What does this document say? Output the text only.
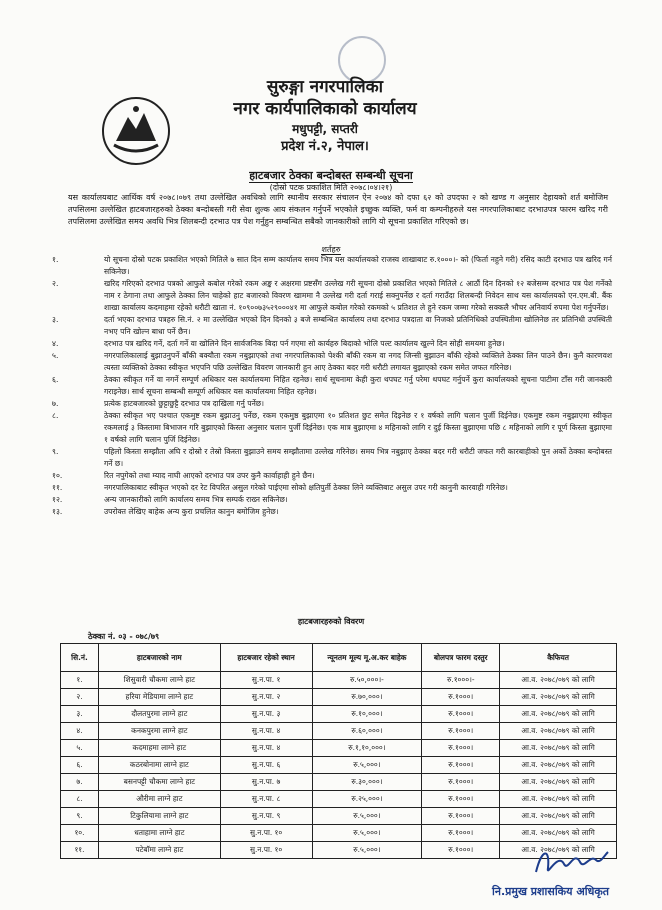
सुरुङ्गा नगरपालिका
नगर कार्यपालिकाको कार्यालय
मधुपट्टी, सप्तरी
प्रदेश नं.२, नेपाल।
हाटबजार ठेक्का बन्दोबस्त सम्बन्धी सूचना
(दोस्रो पटक प्रकाशित मिति २०७८।०४।२१)
यस कार्यालयबाट आर्थिक वर्ष २०७८।०७९ तथा उल्लेखित अवधिको लागि स्थानीय सरकार संचालन ऐन २०७४ को दफा ६२ को उपदफा २ को खण्ड ग अनुसार देहायको शर्त बमोजिम तपसिलमा उल्लेखित हाटबजारहरुको ठेक्का बन्दोबस्ती गरी सेवा शुल्क आय संकलन गर्नुपर्ने भएकोले इच्छुक व्यक्ति, फर्म वा कम्पनीहरुले यस नगरपालिकाबाट दरभाउपत्र फारम खरिद गरी तपसिलमा उल्लेखित समय अवधि भित्र शिलबन्दी दरभाउ पत्र पेश गर्नुहुन सम्बन्धित सबैको जानकारीको लागि यो सूचना प्रकाशित गरिएको छ।
शर्तहरु
१.	यो सूचना दोस्रो पटक प्रकाशित भएको मितिले ७ सात दिन सम्म कार्यालय समय भित्र यस कार्यालयको राजस्व शाखाबाट रु.१०००।- को (फिर्ता नहुने गरी) रसिद काटी दरभाउ पत्र खरिद गर्न सकिनेछ।
२.	खरिद गरिएको दरभाउ पत्रको आफुले कबोल गरेको रकम अङ्क र अक्षरमा प्रष्टसँग उल्लेख गरी सूचना दोस्रो प्रकाशित भएको मितिले ८ आठौं दिन दिनको १२ बजेसम्म दरभाउ पत्र पेश गर्नेको नाम र ठेगाना तथा आफुले ठेक्का लिन चाहेको हाट बजारको विवरण खाममा नै उल्लेख गरी दर्ता गराई सक्नुपर्नेछ र दर्ता गराउँदा शिलबन्दी निवेदन साथ यस कार्यालयको एन.एम.बी. बैंक शाखा कार्यालय कदमाहमा रहेको धरौटी खाता नं. १०९००७३५२९०००४१ मा आफुले कबोल गरेको रकमको ५ प्रतिशत ले हुने रकम जम्मा गरेको सक्कलै भौचर अनिवार्य रुपमा पेश गर्नुपर्नेछ।
३.	दर्ता भएका दरभाउ पत्रहरु सि.नं. २ मा उल्लेखित भएको दिन दिनको ३ बजे सम्बन्धित कार्यालय तथा दरभाउ पत्रदाता वा निजको प्रतिनिधिको उपस्थितीमा खोलिनेछ तर प्रतिनिधी उपस्थिती नभए पनि खोल्न बाधा पर्ने छैन।
४.	दरभाउ पत्र खरिद गर्ने, दर्ता गर्ने वा खोलिने दिन सार्वजनिक बिदा पर्न गएमा सो कार्यहरु बिदाको भोलि पल्ट कार्यालय खुल्ने दिन सोही समयमा हुनेछ।
५.	नगरपालिकालाई बुझाउनुपर्ने बाँकी बक्यौता रकम नबुझाएको तथा नगरपालिकाको पेश्की बाँकी रकम वा नगद जिन्सी बुझाउन बाँकी रहेको व्यक्तिले ठेक्का लिन पाउने छैन। कुनै कारणवश त्यस्ता व्यक्तिको ठेक्का स्वीकृत भएपनि पछि उल्लेखित विवरण जानकारी हुन आए ठेक्का बदर गरी धरौटी लगायत बुझाएको रकम समेत जफत गरिनेछ।
६.	ठेक्का स्वीकृत गर्ने वा नगर्ने सम्पूर्ण अधिकार यस कार्यालयमा निहित रहनेछ। सार्थ सूचनामा केही कुरा थपघट गर्नु परेमा थपघट गर्नुपर्ने कुरा कार्यालयको सूचना पाटीमा टाँस गरी जानकारी गराइनेछ। सार्थ सूचना सम्बन्धी सम्पूर्ण अधिकार यस कार्यालयमा निहित रहनेछ।
७.	प्रत्येक हाटबजारको छुट्टाछुट्टै दरभाउ पत्र दाखिला गर्नु पर्नेछ।
८.	ठेक्का स्वीकृत भए पश्चात एकमुष्ट रकम बुझाउनु पर्नेछ, रकम एकमुष्ठ बुझाएमा १० प्रतिशत छुट समेत दिइनेछ र १ वर्षको लागि चलान पुर्जी दिईनेछ। एकमुष्ट रकम नबुझाएमा स्वीकृत रकमलाई ३ किस्तामा बिभाजन गरि बुझाएको किस्ता अनुसार चलान पुर्जी दिईनेछ। एक मात्र बुझाएमा ४ महिनाको लागि र दुई किस्ता बुझाएमा पछि ८ महिनाको लागि र पूर्ण किस्ता बुझाएमा १ वर्षको लागि चलान पुर्जि दिईनेछ।
९.	पहिलो किस्ता सम्झौता अघि र दोस्रो र तेस्रो किस्ता बुझाउने समय सम्झौतामा उल्लेख गरिनेछ। समय भित्र नबुझाए ठेक्का बदर गरी धरौटी जफत गरी कारबाहीको पुन अर्को ठेक्का बन्दोबस्त गर्ने छ।
१०.	रित नपुगेको तथा म्याद नाघी आएको दरभाउ पत्र उपर कुनै कार्वाहाही हुने छैन।
११.	नगरपालिकाबाट स्वीकृत भएको दर रेट विपरित असुल गरेको पाईएमा सोको क्षतिपुर्ती ठेक्का लिने व्यक्तिबाट असुल उपर गरी कानुनी कारवाही गरिनेछ।
१२.	अन्य जानकारीको लागि कार्यालय समय भित्र सम्पर्क राख्न सकिनेछ।
१३.	उपरोक्त लेखिए बाहेक अन्य कुरा प्रचलित कानुन बमोजिम हुनेछ।
हाटबजारहरुको विवरण
ठेक्का नं. ०३ - ०७८/७९
सि.नं.	हाटबजारको नाम	हाटबजार रहेको स्थान	न्यूनतम मूल्य मू.अ.कर बाहेक	बोलपत्र फारम दस्तुर	कैफियत
१.	शिसुवारी चौकमा लाग्ने हाट	सु.न.पा. १	रु.५०,०००।-	रु.१०००।-	आ.व. २०७८/०७९ को लागि
२.	हरिया मेडियामा लाग्ने हाट	सु.न.पा. २	रु.७०,०००।	रु.१०००।	आ.व. २०७८/०७९ को लागि
३.	दौलतपुरमा लाग्ने हाट	सु.न.पा. ३	रु.१०,०००।	रु.१०००।	आ.व. २०७८/०७९ को लागि
४.	कनकपुरमा लाग्ने हाट	सु.न.पा. ४	रु.६०,०००।	रु.१०००।	आ.व. २०७८/०७९ को लागि
५.	कदमाहमा लाग्ने हाट	सु.न.पा. ४	रु.१,१०,०००।	रु.१०००।	आ.व. २०७८/०७९ को लागि
६.	कठरबोनामा लाग्ने हाट	सु.न.पा. ६	रु.५,०००।	रु.१०००।	आ.व. २०७८/०७९ को लागि
७.	बसनपट्टी चौकमा लाग्ने हाट	सु.न.पा. ७	रु.३०,०००।	रु.१०००।	आ.व. २०७८/०७९ को लागि
८.	औरीमा लाग्ने हाट	सु.न.पा. ८	रु.२५,०००।	रु.१०००।	आ.व. २०७८/०७९ को लागि
९.	टिकुलियामा लाग्ने हाट	सु.न.पा. ९	रु.५,०००।	रु.१०००।	आ.व. २०७८/०७९ को लागि
१०.	धताहामा लाग्ने हाट	सु.न.पा. १०	रु.५,०००।	रु.१०००।	आ.व. २०७८/०७९ को लागि
११.	पटेबॉमा लाग्ने हाट	सु.न.पा. १०	रु.५,०००।	रु.१०००।	आ.व. २०७८/०७९ को लागि
नि.प्रमुख प्रशासकिय अधिकृत
